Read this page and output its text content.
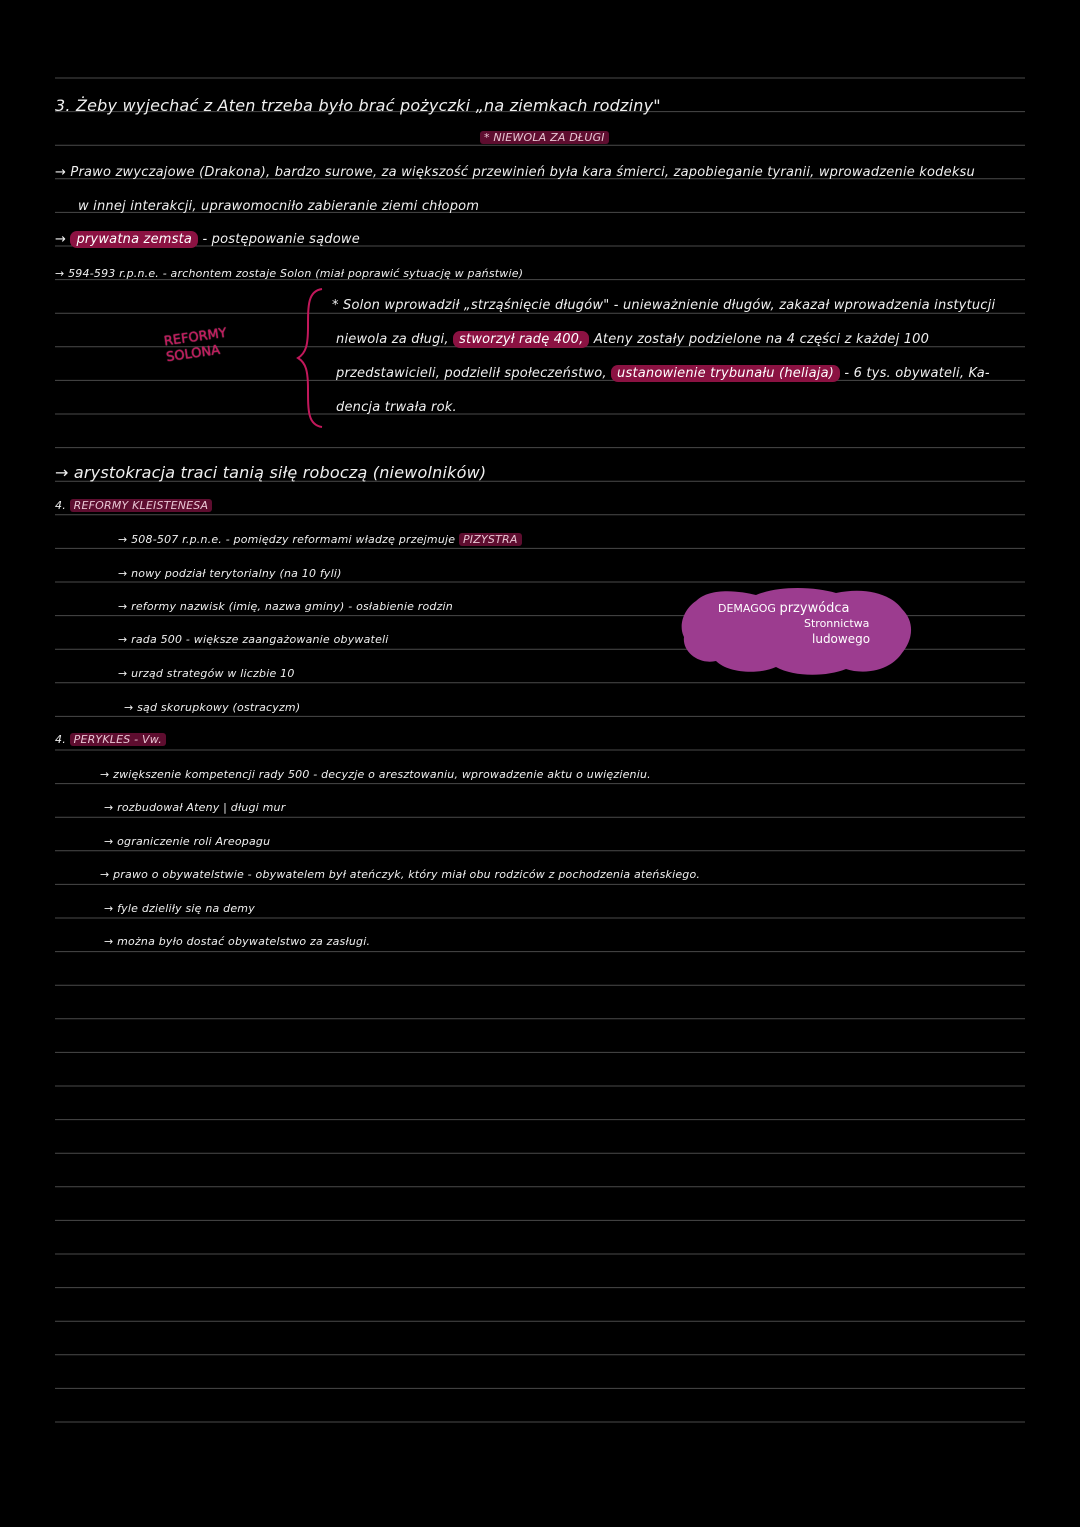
3. Żeby wyjechać z Aten trzeba było brać pożyczki „na ziemkach rodziny"
* NIEWOLA ZA DŁUGI
→ Prawo zwyczajowe (Drakona), bardzo surowe, za większość przewinień była kara śmierci, zapobieganie tyranii, wprowadzenie kodeksu
w innej interakcji, uprawomocniło zabieranie ziemi chłopom
→ prywatna zemsta - postępowanie sądowe
→ 594-593 r.p.n.e. - archontem zostaje Solon (miał poprawić sytuację w państwie)
REFORMY
SOLONA
* Solon wprowadził „strząśnięcie długów" - unieważnienie długów, zakazał wprowadzenia instytucji
niewola za długi, stworzył radę 400, Ateny zostały podzielone na 4 części z każdej 100
przedstawicieli, podzielił społeczeństwo, ustanowienie trybunału (heliaja) - 6 tys. obywateli, Ka-
dencja trwała rok.
→ arystokracja traci tanią siłę roboczą (niewolników)
4. REFORMY KLEISTENESA
→ 508-507 r.p.n.e. - pomiędzy reformami władzę przejmuje PIZYSTRA
→ nowy podział terytorialny (na 10 fyli)
→ reformy nazwisk (imię, nazwa gminy) - osłabienie rodzin
→ rada 500 - większe zaangażowanie obywateli
→ urząd strategów w liczbie 10
→ sąd skorupkowy (ostracyzm)
DEMAGOG przywódca
Stronnictwa
ludowego
4. PERYKLES - Vw.
→ zwiększenie kompetencji rady 500 - decyzje o aresztowaniu, wprowadzenie aktu o uwięzieniu.
→ rozbudował Ateny | długi mur
→ ograniczenie roli Areopagu
→ prawo o obywatelstwie - obywatelem był ateńczyk, który miał obu rodziców z pochodzenia ateńskiego.
→ fyle dzieliły się na demy
→ można było dostać obywatelstwo za zasługi.
